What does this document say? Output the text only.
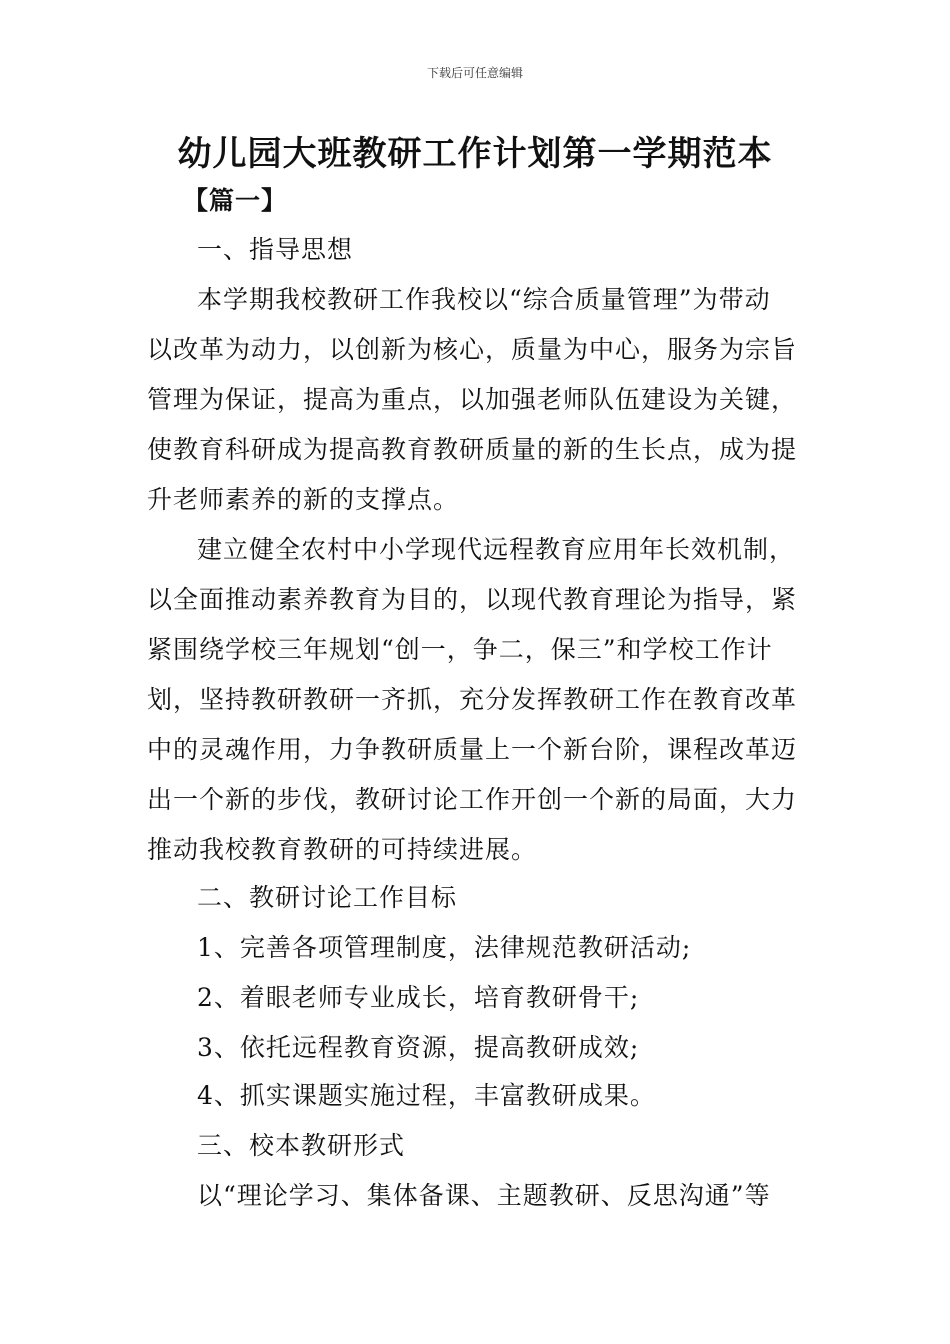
下载后可任意编辑
幼儿园大班教研工作计划第一学期范本
【篇一】
一、指导思想
本学期我校教研工作我校以“综合质量管理”为带动
以改革为动力，以创新为核心，质量为中心，服务为宗旨
管理为保证，提高为重点，以加强老师队伍建设为关键，
使教育科研成为提高教育教研质量的新的生长点，成为提
升老师素养的新的支撑点。
建立健全农村中小学现代远程教育应用年长效机制，
以全面推动素养教育为目的，以现代教育理论为指导，紧
紧围绕学校三年规划“创一，争二，保三”和学校工作计
划，坚持教研教研一齐抓，充分发挥教研工作在教育改革
中的灵魂作用，力争教研质量上一个新台阶，课程改革迈
出一个新的步伐，教研讨论工作开创一个新的局面，大力
推动我校教育教研的可持续进展。
二、教研讨论工作目标
1、完善各项管理制度，法律规范教研活动;
2、着眼老师专业成长，培育教研骨干;
3、依托远程教育资源，提高教研成效;
4、抓实课题实施过程，丰富教研成果。
三、校本教研形式
以“理论学习、集体备课、主题教研、反思沟通”等
